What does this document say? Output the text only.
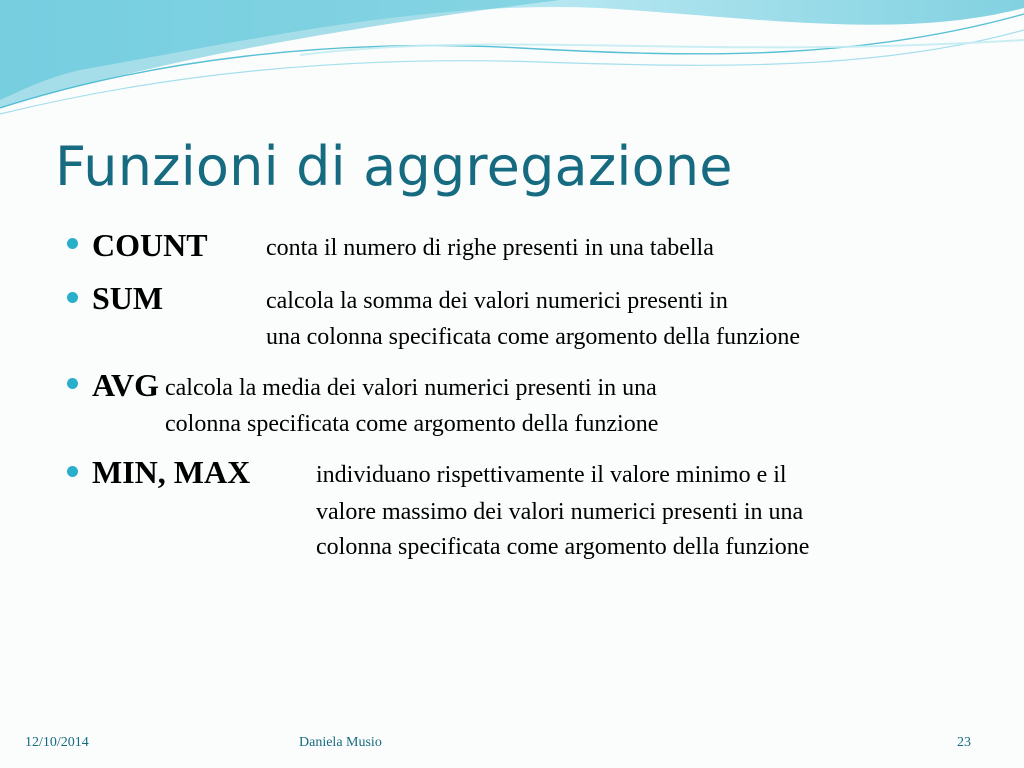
Funzioni di aggregazione
COUNT conta il numero di righe presenti in una tabella
SUM	calcola la somma dei valori numerici presenti in
una colonna specificata come argomento della funzione
AVG calcola la media dei valori numerici presenti in una
colonna specificata come argomento della funzione
MIN, MAX	individuano rispettivamente il valore minimo e il
valore massimo dei valori numerici presenti in una
colonna specificata come argomento della funzione
12/10/2014	Daniela Musio	23
